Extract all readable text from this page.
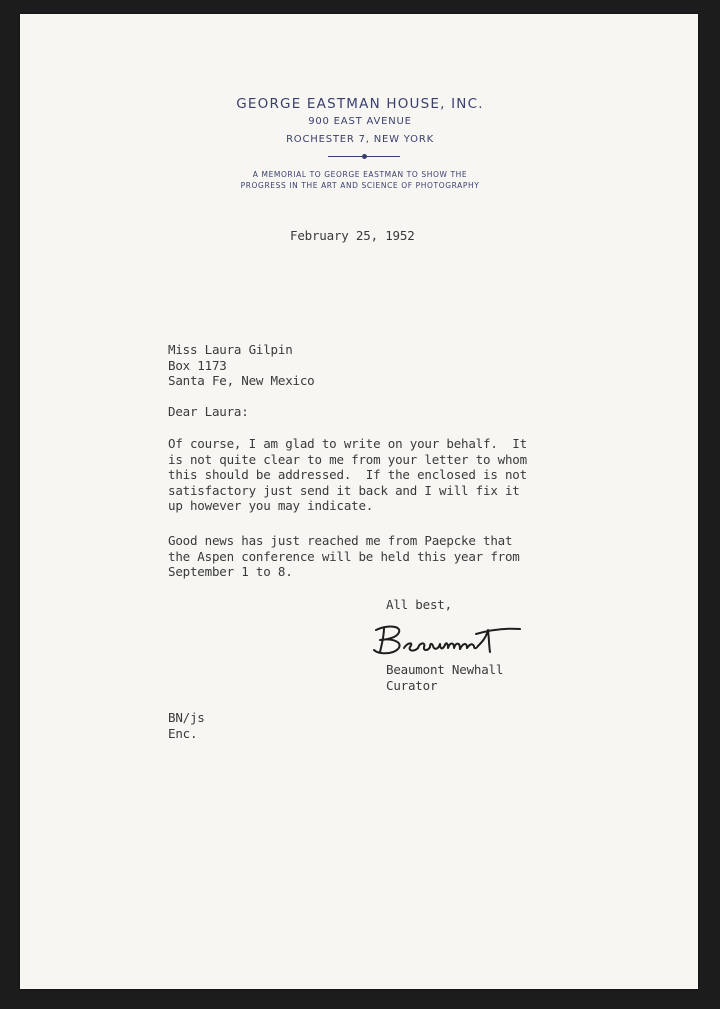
GEORGE EASTMAN HOUSE, INC.
900 EAST AVENUE
ROCHESTER 7, NEW YORK
A MEMORIAL TO GEORGE EASTMAN TO SHOW THE
PROGRESS IN THE ART AND SCIENCE OF PHOTOGRAPHY
February 25, 1952
Miss Laura Gilpin
Box 1173
Santa Fe, New Mexico
Dear Laura:
Of course, I am glad to write on your behalf.  It
is not quite clear to me from your letter to whom
this should be addressed.  If the enclosed is not
satisfactory just send it back and I will fix it
up however you may indicate.
Good news has just reached me from Paepcke that
the Aspen conference will be held this year from
September 1 to 8.
All best,
Beaumont Newhall
Curator
BN/js
Enc.
